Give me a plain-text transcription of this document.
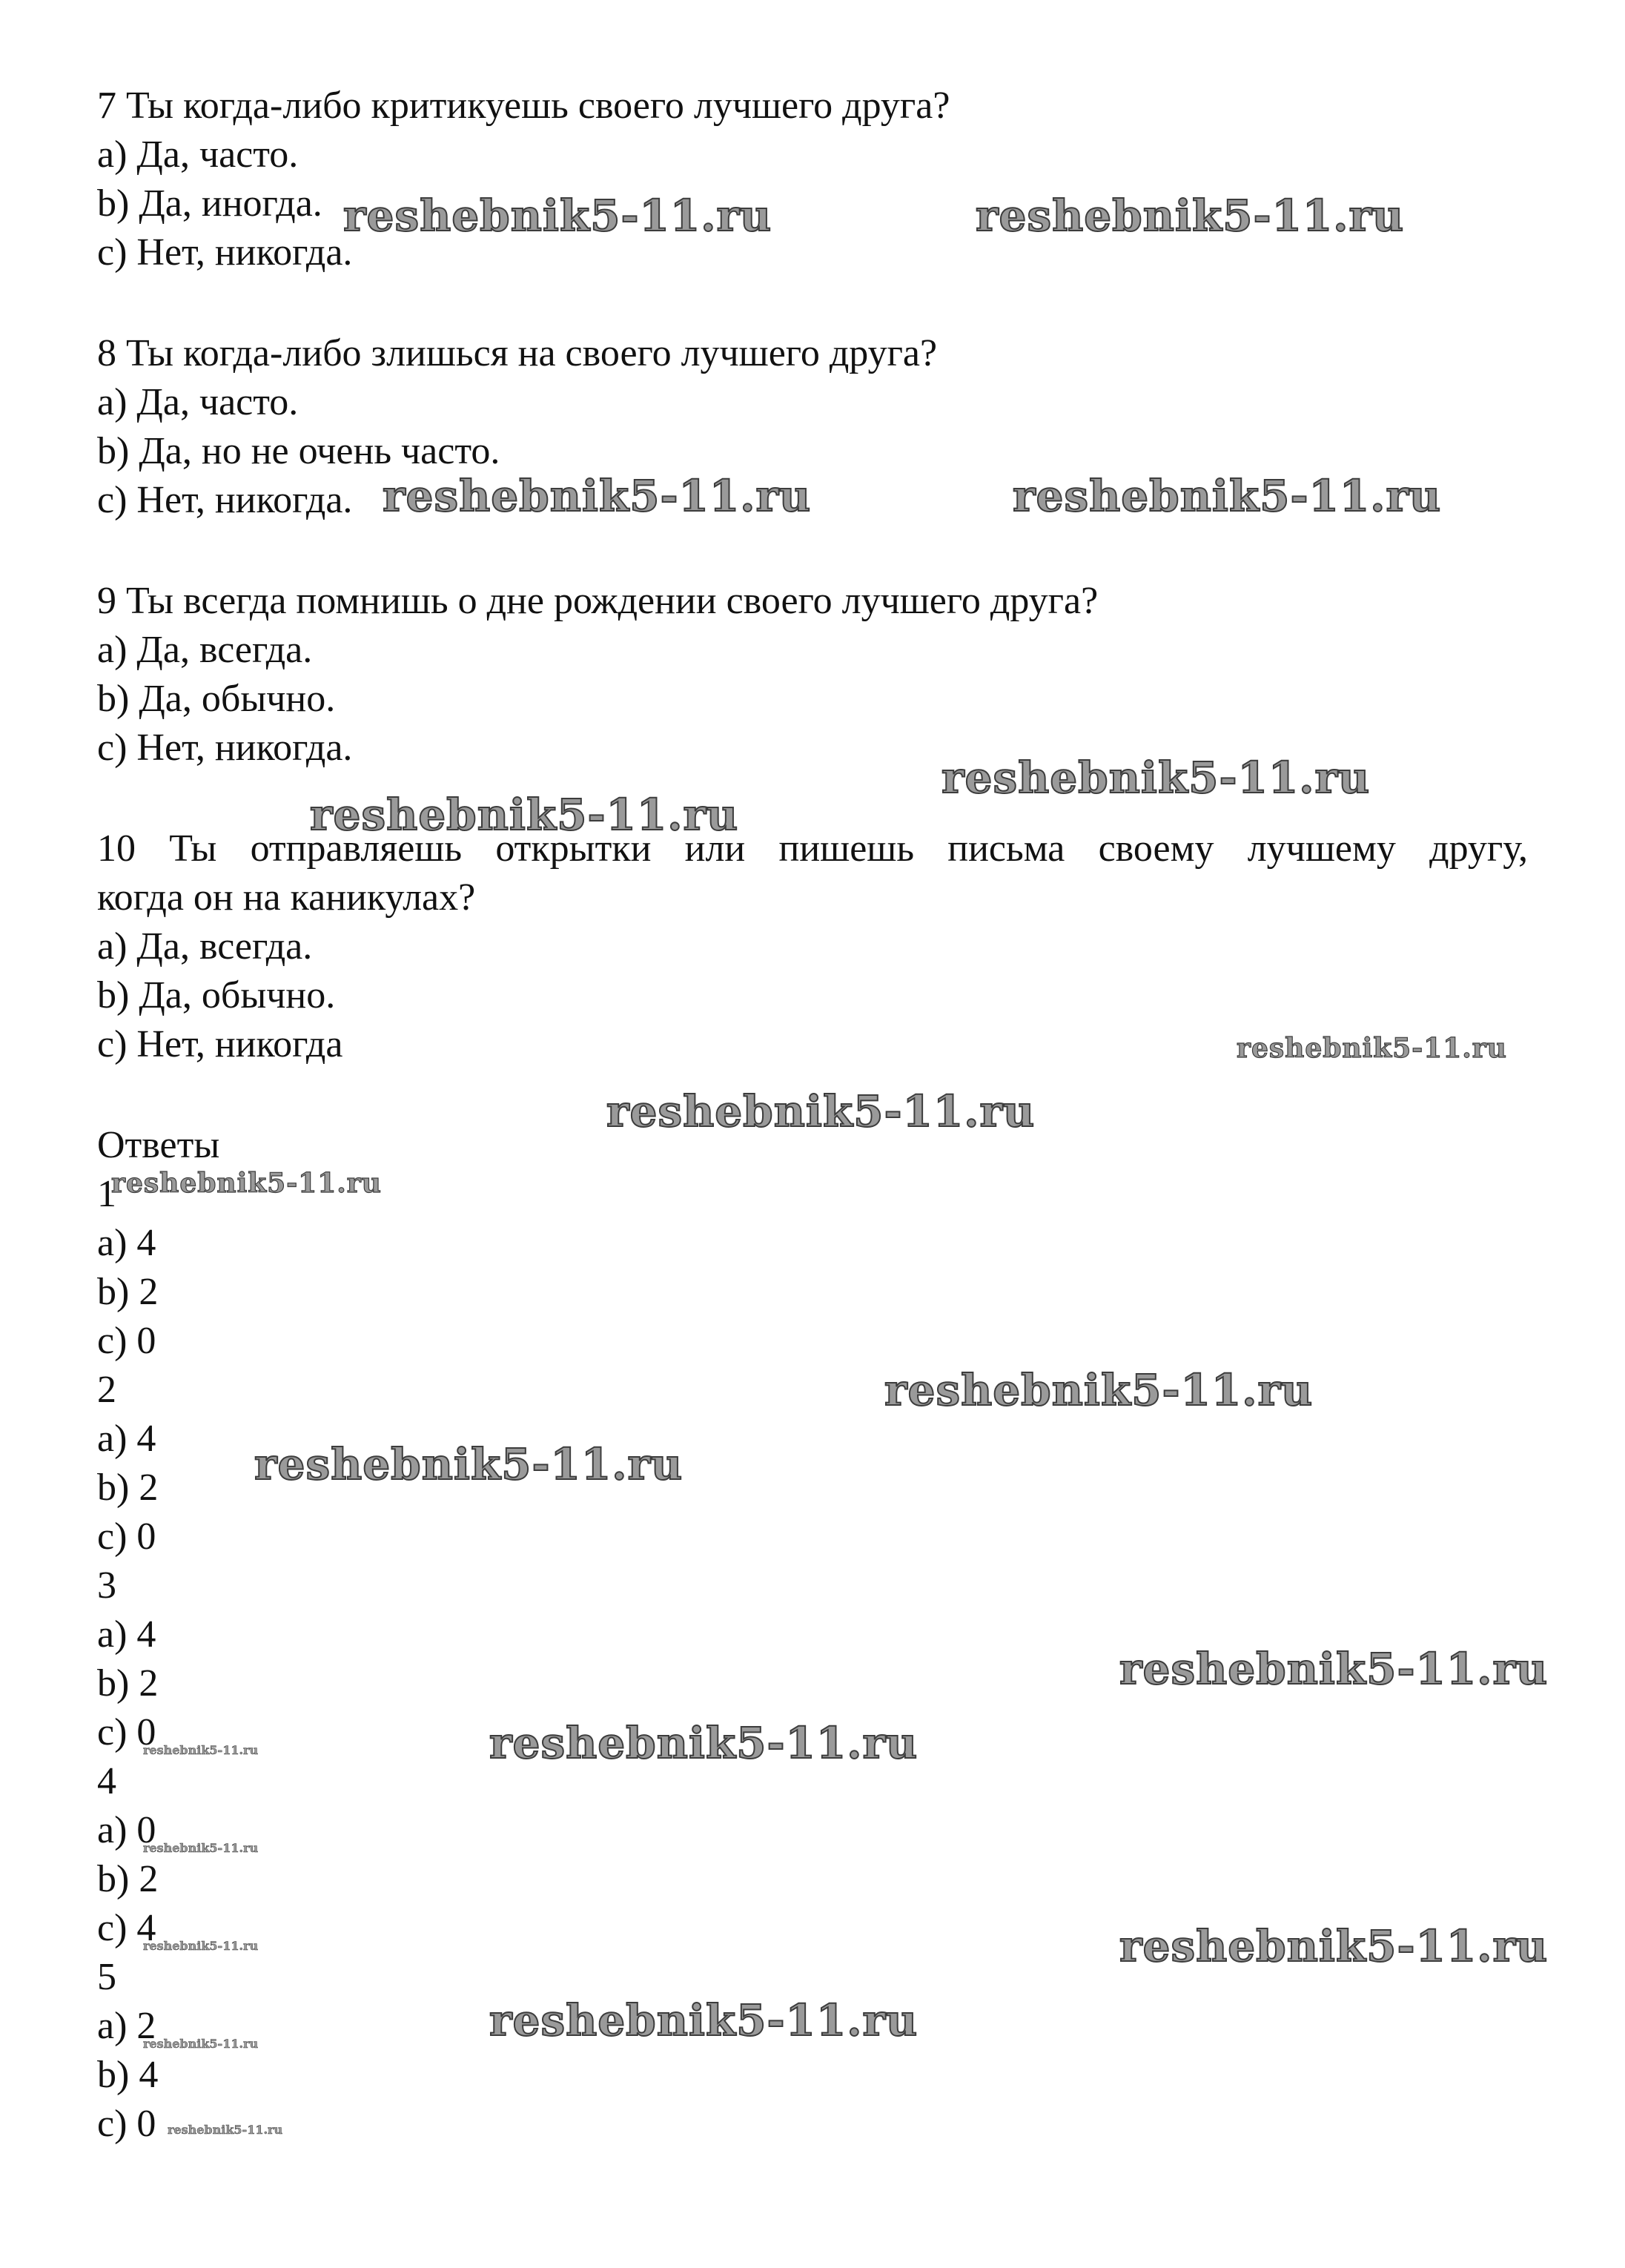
7 Ты когда-либо критикуешь своего лучшего друга?
a) Да, часто.
b) Да, иногда.
c) Нет, никогда.
8 Ты когда-либо злишься на своего лучшего друга?
a) Да, часто.
b) Да, но не очень часто.
c) Нет, никогда.
9 Ты всегда помнишь о дне рождении своего лучшего друга?
a) Да, всегда.
b) Да, обычно.
c) Нет, никогда.
10 Ты отправляешь открытки или пишешь письма своему лучшему другу,
когда он на каникулах?
a) Да, всегда.
b) Да, обычно.
c) Нет, никогда
Ответы
1
a) 4
b) 2
c) 0
2
a) 4
b) 2
c) 0
3
a) 4
b) 2
c) 0
4
a) 0
b) 2
c) 4
5
a) 2
b) 4
c) 0
reshebnik5-11.ru	reshebnik5-11.ru
reshebnik5-11.ru	reshebnik5-11.ru
reshebnik5-11.ru
reshebnik5-11.ru
reshebnik5-11.ru
reshebnik5-11.ru
reshebnik5-11.ru
reshebnik5-11.ru
reshebnik5-11.ru
reshebnik5-11.ru
reshebnik5-11.ru
reshebnik5-11.ru
reshebnik5-11.ru
reshebnik5-11.ru	reshebnik5-11.ru
reshebnik5-11.ru
reshebnik5-11.ru
reshebnik5-11.ru
